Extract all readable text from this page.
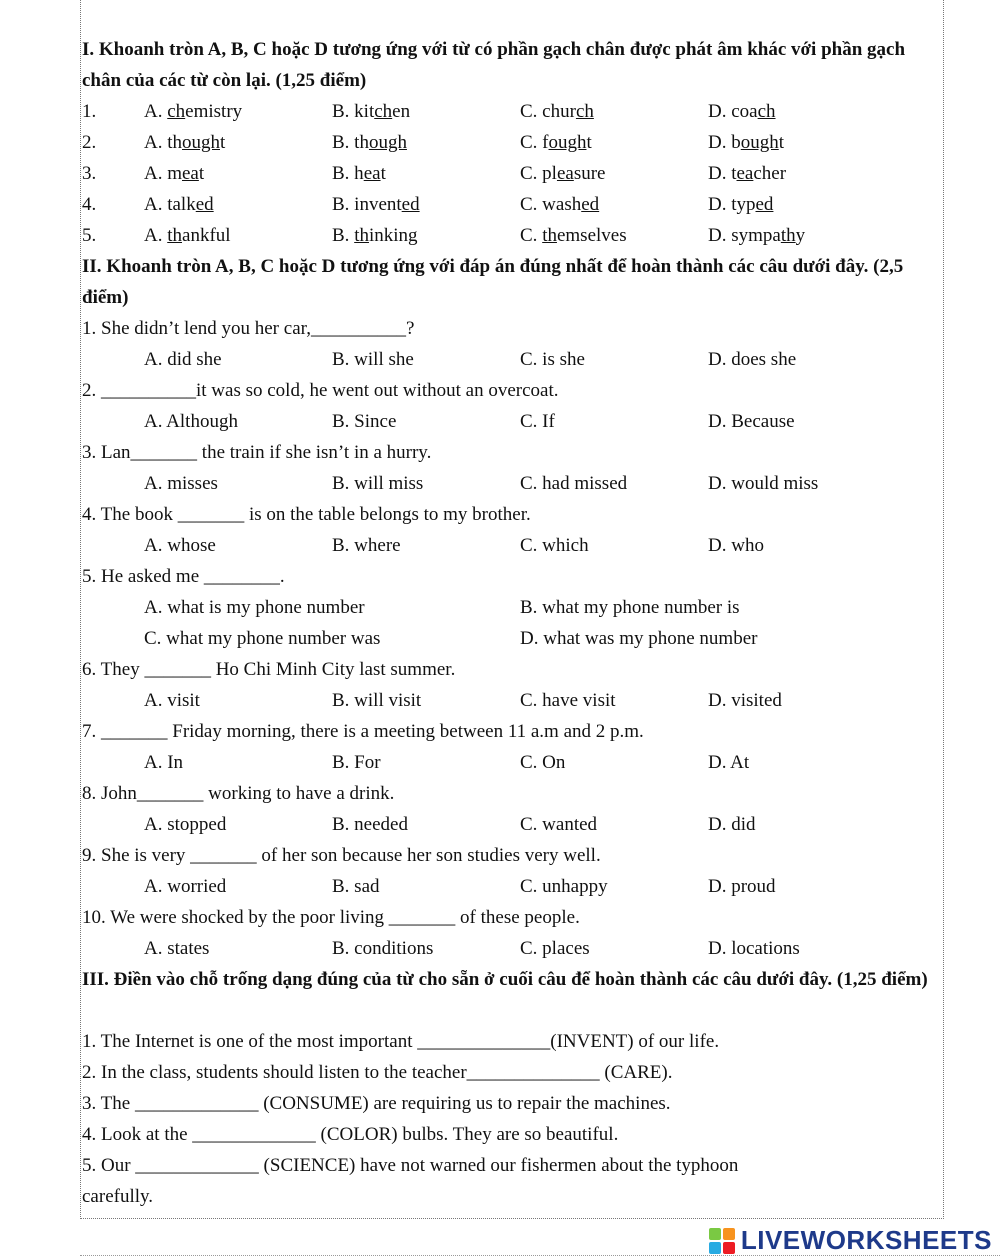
I. Khoanh tròn A, B, C hoặc D tương ứng với từ có phần gạch chân được phát âm khác với phần gạch chân của các từ còn lại. (1,25 điểm)
1.	A. chemistry	B. kitchen	C. church	D. coach
2.	A. thought	B. though	C. fought	D. bought
3.	A. meat	B. heat	C. pleasure	D. teacher
4.	A. talked	B. invented	C. washed	D. typed
5.	A. thankful	B. thinking	C. themselves	D. sympathy
II. Khoanh tròn A, B, C hoặc D tương ứng với đáp án đúng nhất để hoàn thành các câu dưới đây. (2,5 điểm)
1. She didn’t lend you her car,__________?
A. did she	B. will she	C. is she	D. does she
2. __________it was so cold, he went out without an overcoat.
A. Although	B. Since	C. If	D. Because
3. Lan_______ the train if she isn’t in a hurry.
A. misses	B. will miss	C. had missed	D. would miss
4. The book _______ is on the table belongs to my brother.
A. whose	B. where	C. which	D. who
5. He asked me ________.
A. what is my phone number	B. what my phone number is
C. what my phone number was	D. what was my phone number
6. They _______ Ho Chi Minh City last summer.
A. visit	B. will visit	C. have visit	D. visited
7. _______ Friday morning, there is a meeting between 11 a.m and 2 p.m.
A. In	B. For	C. On	D. At
8. John_______ working to have a drink.
A. stopped	B. needed	C. wanted	D. did
9. She is very _______ of her son because her son studies very well.
A. worried	B. sad	C. unhappy	D. proud
10. We were shocked by the poor living _______ of these people.
A. states	B. conditions	C. places	D. locations
III. Điền vào chỗ trống dạng đúng của từ cho sẵn ở cuối câu để hoàn thành các câu dưới đây. (1,25 điểm)
1. The Internet is one of the most important ______________(INVENT) of our life.
2. In the class, students should listen to the teacher______________ (CARE).
3. The _____________ (CONSUME) are requiring us to repair the machines.
4. Look at the _____________ (COLOR) bulbs. They are so beautiful.
5. Our _____________ (SCIENCE) have not warned our fishermen about the typhoon
carefully.
LIVEWORKSHEETS
